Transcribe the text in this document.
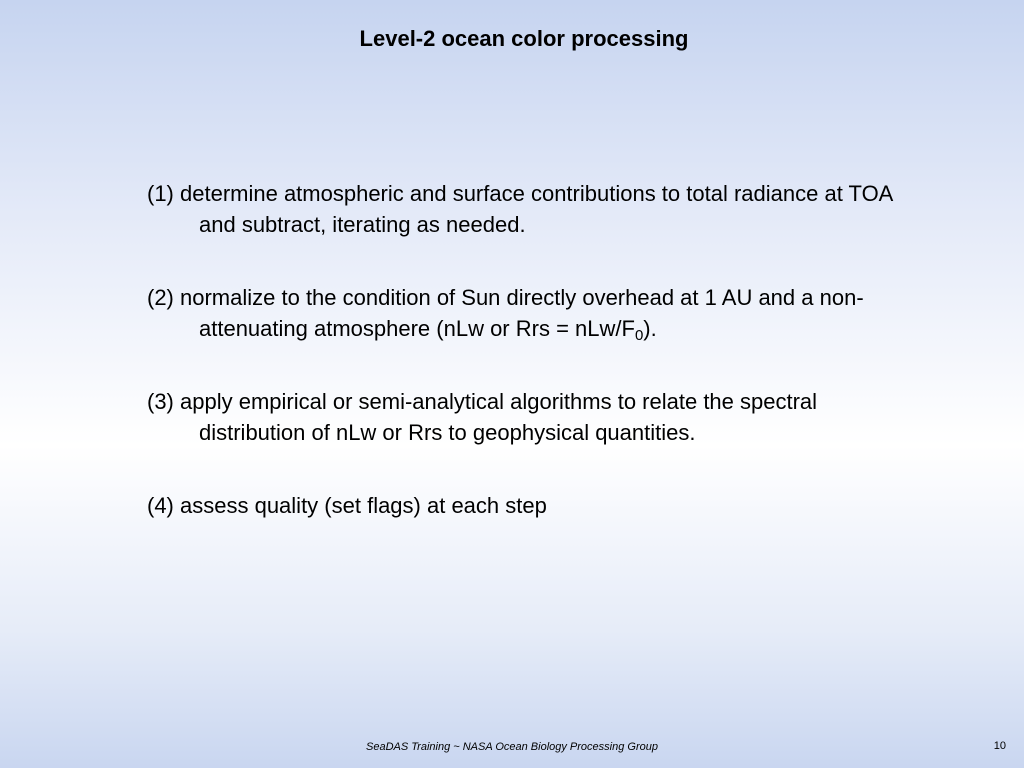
Level-2 ocean color processing

(1) determine atmospheric and surface contributions to total radiance at TOA and subtract, iterating as needed.

(2) normalize to the condition of Sun directly overhead at 1 AU and a non-attenuating atmosphere (nLw or Rrs = nLw/$F_0$).

(3) apply empirical or semi-analytical algorithms to relate the spectral distribution of nLw or Rrs to geophysical quantities.

(4) assess quality (set flags) at each step

SeaDAS Training ~ NASA Ocean Biology Processing Group	10
